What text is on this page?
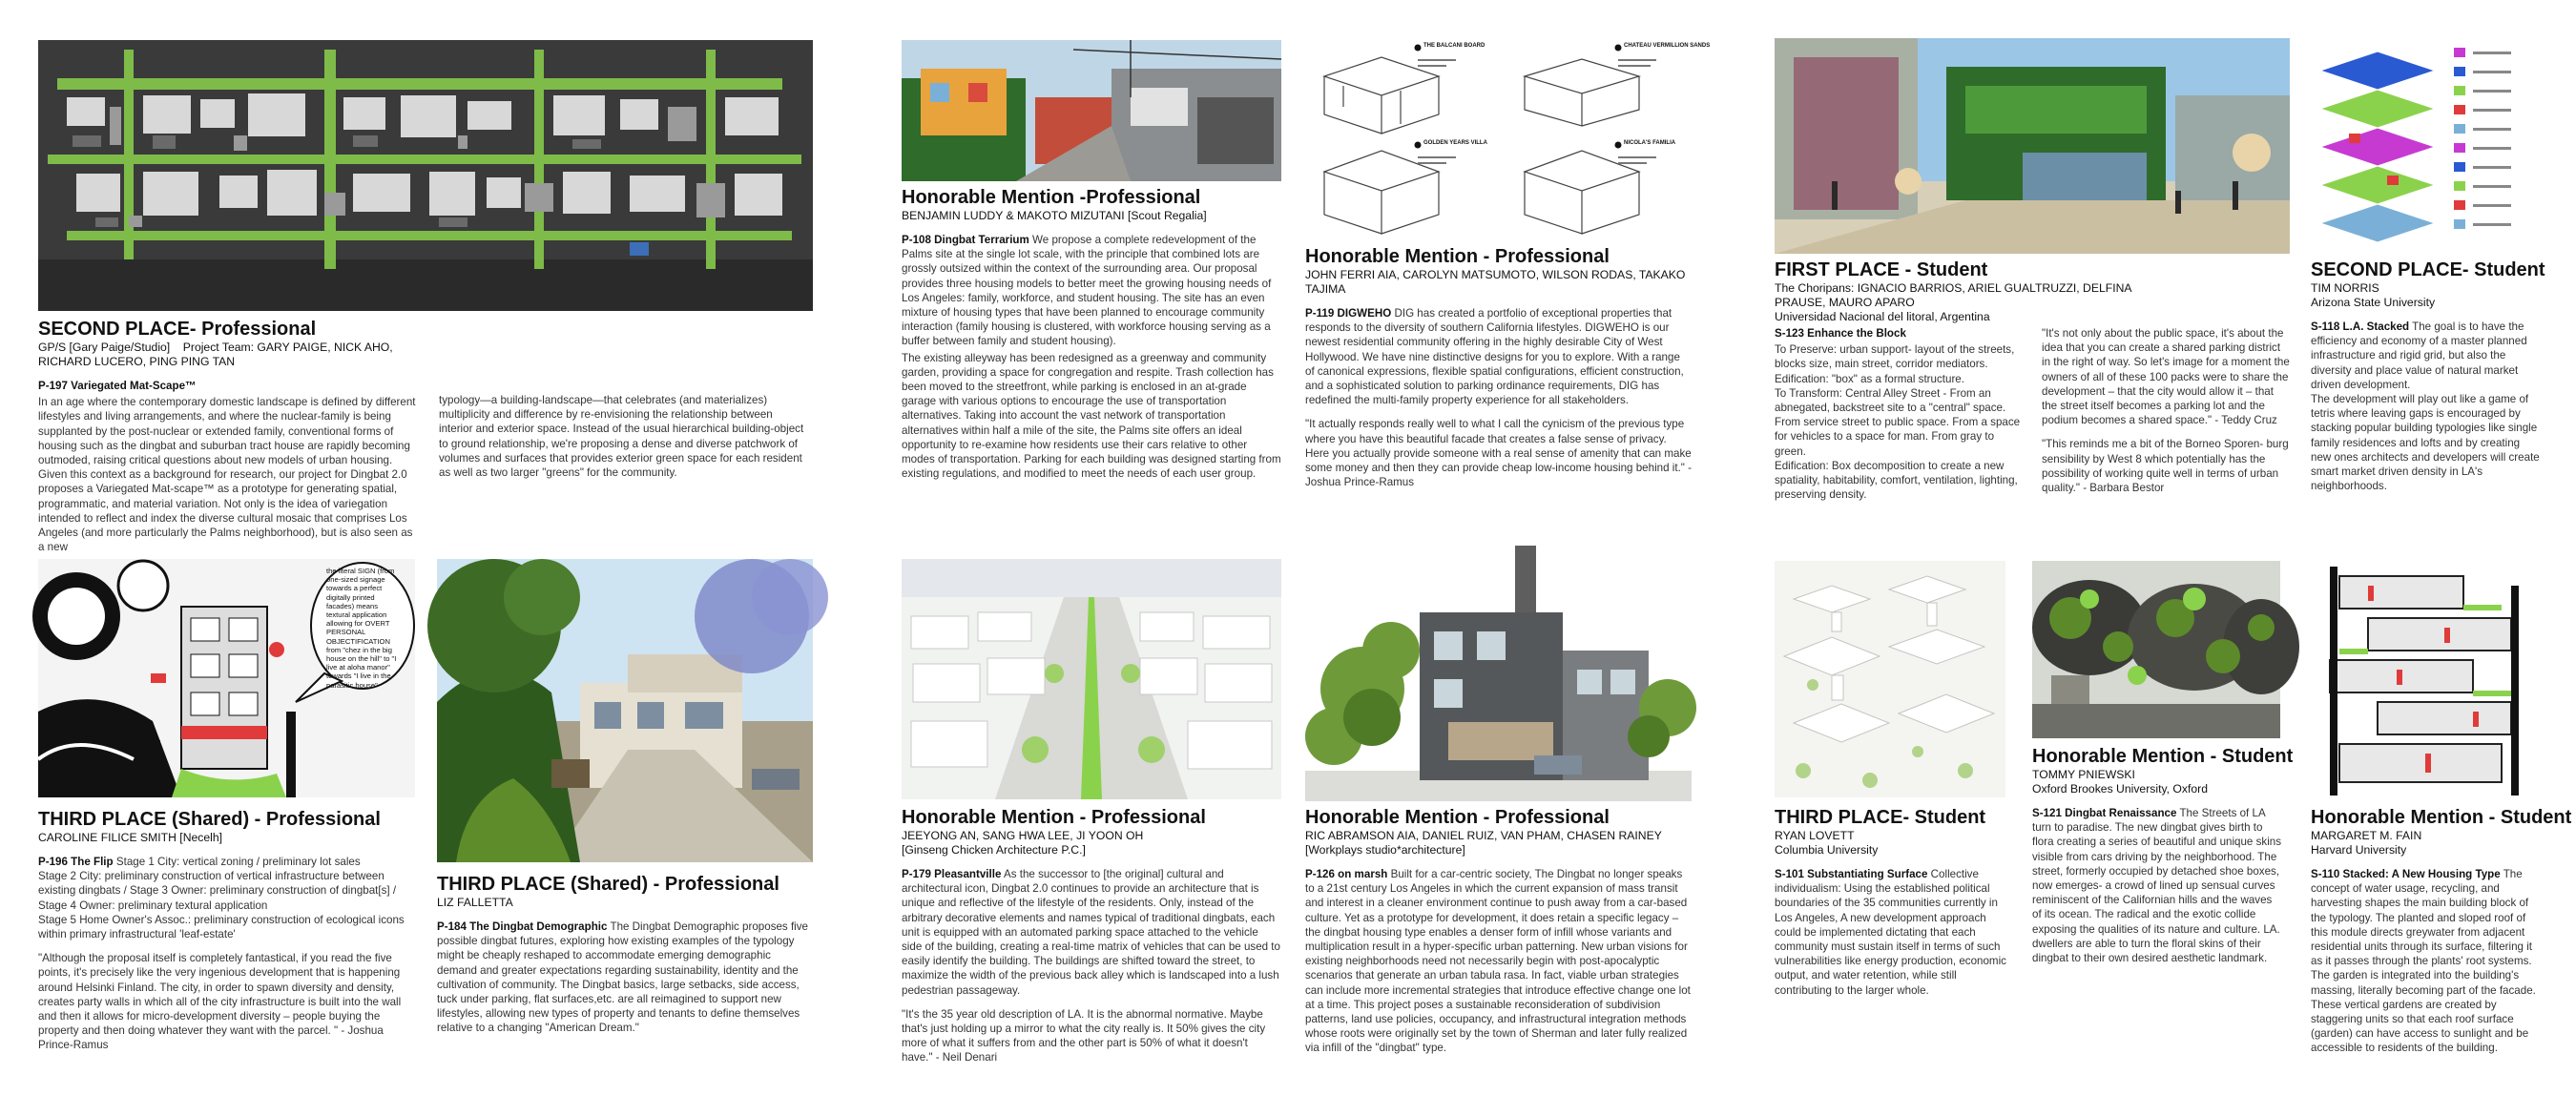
SECOND PLACE- Professional
GP/S [Gary Paige/Studio] Project Team: GARY PAIGE, NICK AHO, RICHARD LUCERO, PING PING TAN

P-197 Variegated Mat-Scape™

In an age where the contemporary domestic landscape is defined by different lifestyles and living arrangements, and where the nuclear-family is being supplanted by the post-nuclear or extended family, conventional forms of housing such as the dingbat and suburban tract house are rapidly becoming outmoded, raising critical questions about new models of urban housing. Given this context as a background for research, our project for Dingbat 2.0 proposes a Variegated Mat-scape™ as a prototype for generating spatial, programmatic, and material variation. Not only is the idea of variegation intended to reflect and index the diverse cultural mosaic that comprises Los Angeles (and more particularly the Palms neighborhood), but is also seen as a new

typology—a building-landscape—that celebrates (and materializes) multiplicity and difference by re-envisioning the relationship between interior and exterior space. Instead of the usual hierarchical building-object to ground relationship, we're proposing a dense and diverse patchwork of volumes and surfaces that provides exterior green space for each resident as well as two larger "greens" for the community.

the literal SIGN (from one-sized signage towards a perfect digitally printed facades) means textural application allowing for OVERT PERSONAL OBJECTIFICATION from "chez in the big house on the hill" to "I live at aloha manor" towards "I live in the parasitic house"
THIRD PLACE (Shared) - Professional
CAROLINE FILICE SMITH [Necelh]

P-196 The Flip Stage 1 City: vertical zoning / preliminary lot sales
Stage 2 City: preliminary construction of vertical infrastructure between existing dingbats / Stage 3 Owner: preliminary construction of dingbat[s] / Stage 4 Owner: preliminary textural application
Stage 5 Home Owner's Assoc.: preliminary construction of ecological icons within primary infrastructural 'leaf-estate'

"Although the proposal itself is completely fantastical, if you read the five points, it's precisely like the very ingenious development that is happening around Helsinki Finland. The city, in order to spawn diversity and density, creates party walls in which all of the city infrastructure is built into the wall and then it allows for micro-development diversity – people buying the property and then doing whatever they want with the parcel. " - Joshua Prince-Ramus

THIRD PLACE (Shared) - Professional
LIZ FALLETTA

P-184 The Dingbat Demographic The Dingbat Demographic proposes five possible dingbat futures, exploring how existing examples of the typology might be cheaply reshaped to accommodate emerging demographic demand and greater expectations regarding sustainability, identity and the cultivation of community. The Dingbat basics, large setbacks, side access, tuck under parking, flat surfaces,etc. are all reimagined to support new lifestyles, allowing new types of property and tenants to define themselves relative to a changing "American Dream."

Honorable Mention -Professional
BENJAMIN LUDDY & MAKOTO MIZUTANI [Scout Regalia]

P-108 Dingbat Terrarium We propose a complete redevelopment of the Palms site at the single lot scale, with the principle that combined lots are grossly outsized within the context of the surrounding area. Our proposal provides three housing models to better meet the growing housing needs of Los Angeles: family, workforce, and student housing. The site has an even mixture of housing types that have been planned to encourage community interaction (family housing is clustered, with workforce housing serving as a buffer between family and student housing).

The existing alleyway has been redesigned as a greenway and community garden, providing a space for congregation and respite. Trash collection has been moved to the streetfront, while parking is enclosed in an at-grade garage with various options to encourage the use of transportation alternatives. Taking into account the vast network of transportation alternatives within half a mile of the site, the Palms site offers an ideal opportunity to re-examine how residents use their cars relative to other modes of transportation. Parking for each building was designed starting from existing regulations, and modified to meet the needs of each user group.

THE BALCANI BOARD	CHATEAU VERMILLION SANDS
GOLDEN YEARS VILLA	NICOLA'S FAMILIA
Honorable Mention - Professional
JOHN FERRI AIA, CAROLYN MATSUMOTO, WILSON RODAS, TAKAKO TAJIMA

P-119 DIGWEHO DIG has created a portfolio of exceptional properties that responds to the diversity of southern California lifestyles. DIGWEHO is our newest residential community offering in the highly desirable City of West Hollywood. We have nine distinctive designs for you to explore. With a range of canonical expressions, flexible spatial configurations, efficient construction, and a sophisticated solution to parking ordinance requirements, DIG has redefined the multi-family property experience for all stakeholders.

"It actually responds really well to what I call the cynicism of the previous type where you have this beautiful facade that creates a false sense of privacy. Here you actually provide someone with a real sense of amenity that can make some money and then they can provide cheap low-income housing behind it." - Joshua Prince-Ramus

Honorable Mention - Professional
JEEYONG AN, SANG HWA LEE, JI YOON OH
[Ginseng Chicken Architecture P.C.]

P-179 Pleasantville As the successor to [the original] cultural and architectural icon, Dingbat 2.0 continues to provide an architecture that is unique and reflective of the lifestyle of the residents. Only, instead of the arbitrary decorative elements and names typical of traditional dingbats, each unit is equipped with an automated parking space attached to the vehicle side of the building, creating a real-time matrix of vehicles that can be used to easily identify the building. The buildings are shifted toward the street, to maximize the width of the previous back alley which is landscaped into a lush pedestrian passageway.

"It's the 35 year old description of LA. It is the abnormal normative. Maybe that's just holding up a mirror to what the city really is. It 50% gives the city more of what it suffers from and the other part is 50% of what it doesn't have." - Neil Denari

Honorable Mention - Professional
RIC ABRAMSON AIA, DANIEL RUIZ, VAN PHAM, CHASEN RAINEY
[Workplays studio*architecture]

P-126 on marsh Built for a car-centric society, The Dingbat no longer speaks to a 21st century Los Angeles in which the current expansion of mass transit and interest in a cleaner environment continue to push away from a car-based culture. Yet as a prototype for development, it does retain a specific legacy – the dingbat housing type enables a denser form of infill whose variants and multiplication result in a hyper-specific urban patterning. New urban visions for existing neighborhoods need not necessarily begin with post-apocalyptic scenarios that generate an urban tabula rasa. In fact, viable urban strategies can include more incremental strategies that introduce effective change one lot at a time. This project poses a sustainable reconsideration of subdivision patterns, land use policies, occupancy, and infrastructural integration methods whose roots were originally set by the town of Sherman and later fully realized via infill of the "dingbat" type.

FIRST PLACE - Student
The Choripans: IGNACIO BARRIOS, ARIEL GUALTRUZZI, DELFINA PRAUSE, MAURO APARO
Universidad Nacional del litoral, Argentina

S-123 Enhance the Block

To Preserve: urban support- layout of the streets, blocks size, main street, corridor mediators. Edification: "box" as a formal structure.
To Transform: Central Alley Street - From an abnegated, backstreet site to a "central" space. From service street to public space. From a space for vehicles to a space for man. From gray to green.
Edification: Box decomposition to create a new spatiality, habitability, comfort, ventilation, lighting, preserving density.

"It's not only about the public space, it's about the idea that you can create a shared parking district in the right of way. So let's image for a moment the owners of all of these 100 packs were to share the development – that the city would allow it – that the street itself becomes a parking lot and the podium becomes a shared space." - Teddy Cruz

"This reminds me a bit of the Borneo Sporen- burg sensibility by West 8 which potentially has the possibility of working quite well in terms of urban quality." - Barbara Bestor

SECOND PLACE- Student
TIM NORRIS
Arizona State University

S-118 L.A. Stacked The goal is to have the efficiency and economy of a master planned infrastructure and rigid grid, but also the diversity and place value of natural market driven development.
The development will play out like a game of tetris where leaving gaps is encouraged by stacking popular building typologies like single family residences and lofts and by creating new ones architects and developers will create smart market driven density in LA's neighborhoods.

THIRD PLACE- Student
RYAN LOVETT
Columbia University

S-101 Substantiating Surface Collective individualism: Using the established political boundaries of the 35 communities currently in Los Angeles, A new development approach could be implemented dictating that each community must sustain itself in terms of such vulnerabilities like energy production, economic output, and water retention, while still contributing to the larger whole.

Honorable Mention - Student
TOMMY PNIEWSKI
Oxford Brookes University, Oxford

S-121 Dingbat Renaissance The Streets of LA turn to paradise. The new dingbat gives birth to flora creating a series of beautiful and unique skins visible from cars driving by the neighborhood. The street, formerly occupied by detached shoe boxes, now emerges- a crowd of lined up sensual curves reminiscent of the Californian hills and the waves of its ocean. The radical and the exotic collide exposing the qualities of its nature and culture. LA. dwellers are able to turn the floral skins of their dingbat to their own desired aesthetic landmark.

Honorable Mention - Student
MARGARET M. FAIN
Harvard University

S-110 Stacked: A New Housing Type The concept of water usage, recycling, and harvesting shapes the main building block of the typology. The planted and sloped roof of this module directs greywater from adjacent residential units through its surface, filtering it as it passes through the plants' root systems. The garden is integrated into the building's massing, literally becoming part of the facade. These vertical gardens are created by staggering units so that each roof surface (garden) can have access to sunlight and be accessible to residents of the building.
